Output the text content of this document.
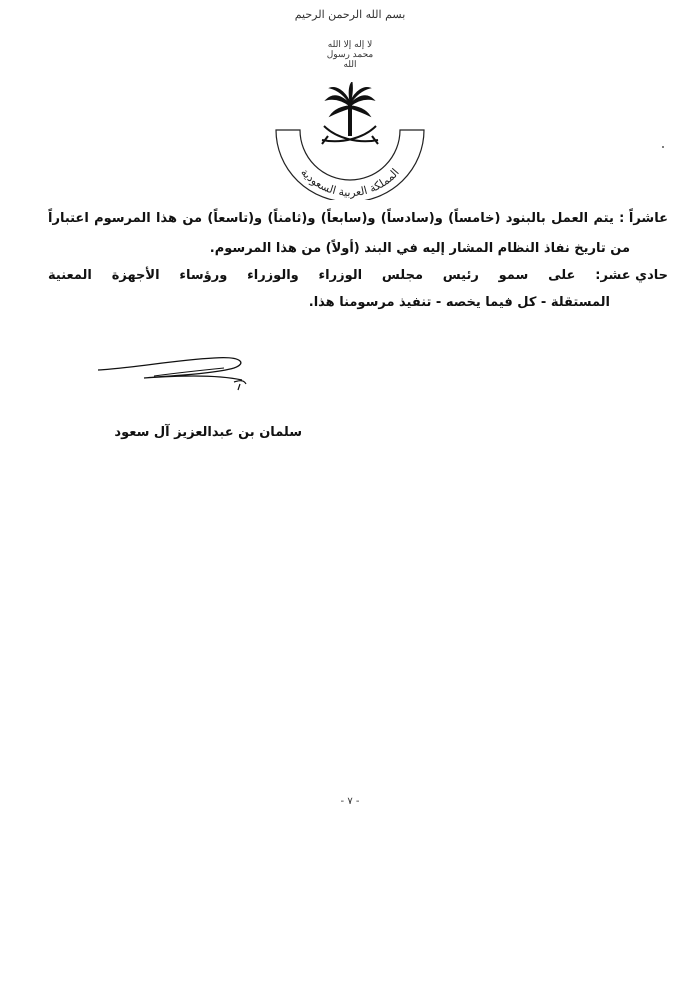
بسم الله الرحمن الرحيم
لا إله إلا الله محمد رسول الله
المملكة العربية السعودية
عاشراً : يتم العمل بالبنود (خامساً) و(سادساً) و(سابعاً) و(ثامناً) و(تاسعاً) من هذا المرسوم اعتباراً
من تاريخ نفاذ النظام المشار إليه في البند (أولاً) من هذا المرسوم.
حادي عشر: على سمو رئيس مجلس الوزراء والوزراء ورؤساء الأجهزة المعنية
المستقلة - كل فيما يخصه - تنفيذ مرسومنا هذا.
سلمان بن عبدالعزيز آل سعود
- ٧ -
